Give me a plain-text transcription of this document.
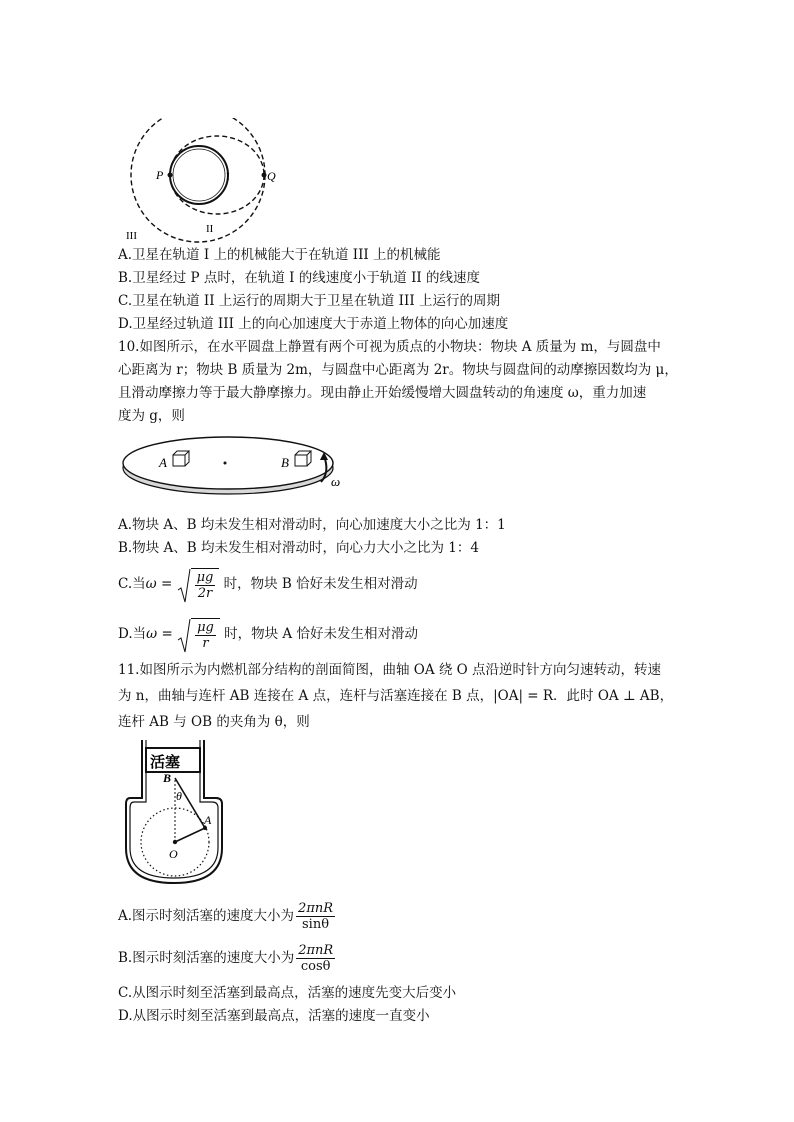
P	I	Q
II
III
A.卫星在轨道 I 上的机械能大于在轨道 III 上的机械能
B.卫星经过 P 点时，在轨道 I 的线速度小于轨道 II 的线速度
C.卫星在轨道 II 上运行的周期大于卫星在轨道 III 上运行的周期
D.卫星经过轨道 III 上的向心加速度大于赤道上物体的向心加速度
10.如图所示，在水平圆盘上静置有两个可视为质点的小物块：物块 A 质量为 m，与圆盘中
心距离为 r；物块 B 质量为 2m，与圆盘中心距离为 2r。物块与圆盘间的动摩擦因数均为 μ，
且滑动摩擦力等于最大静摩擦力。现由静止开始缓慢增大圆盘转动的角速度 ω，重力加速
度为 g，则
A	B
ω
A.物块 A、B 均未发生相对滑动时，向心加速度大小之比为 1：1
B.物块 A、B 均未发生相对滑动时，向心力大小之比为 1：4
C.当$\omega = \frac{\mu g}{2r}$ 时，物块 B 恰好未发生相对滑动
D.当$\omega = \frac{\mu g}{r}$ 时，物块 A 恰好未发生相对滑动
11.如图所示为内燃机部分结构的剖面简图，曲轴 OA 绕 O 点沿逆时针方向匀速转动，转速
为 n，曲轴与连杆 AB 连接在 A 点，连杆与活塞连接在 B 点，|OA| = R．此时 OA ⊥ AB，
连杆 AB 与 OB 的夹角为 θ，则
活塞
B
θ
A
O
A.图示时刻活塞的速度大小为 $\frac{\text{2πnR}}{\sin\theta}$
B.图示时刻活塞的速度大小为 $\frac{\text{2πnR}}{\cos\theta}$
C.从图示时刻至活塞到最高点，活塞的速度先变大后变小
D.从图示时刻至活塞到最高点，活塞的速度一直变小
